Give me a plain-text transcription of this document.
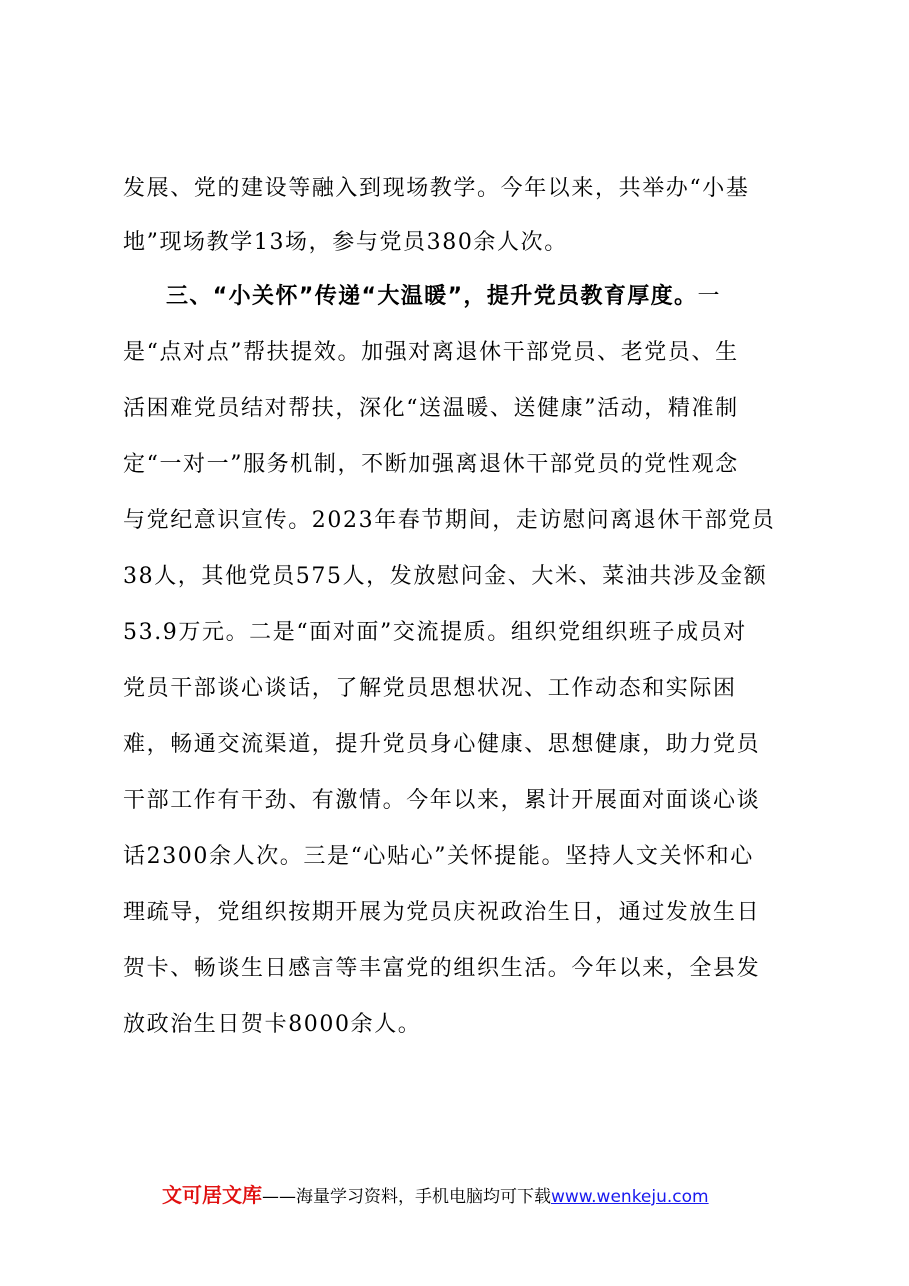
发展、党的建设等融入到现场教学。今年以来，共举办“小基
地”现场教学13场，参与党员380余人次。
三、“小关怀”传递“大温暖”，提升党员教育厚度。一
是“点对点”帮扶提效。加强对离退休干部党员、老党员、生
活困难党员结对帮扶，深化“送温暖、送健康”活动，精准制
定“一对一”服务机制，不断加强离退休干部党员的党性观念
与党纪意识宣传。2023年春节期间，走访慰问离退休干部党员
38人，其他党员575人，发放慰问金、大米、菜油共涉及金额
53.9万元。二是“面对面”交流提质。组织党组织班子成员对
党员干部谈心谈话，了解党员思想状况、工作动态和实际困
难，畅通交流渠道，提升党员身心健康、思想健康，助力党员
干部工作有干劲、有激情。今年以来，累计开展面对面谈心谈
话2300余人次。三是“心贴心”关怀提能。坚持人文关怀和心
理疏导，党组织按期开展为党员庆祝政治生日，通过发放生日
贺卡、畅谈生日感言等丰富党的组织生活。今年以来，全县发
放政治生日贺卡8000余人。
文可居文库——海量学习资料，手机电脑均可下载www.wenkeju.com
